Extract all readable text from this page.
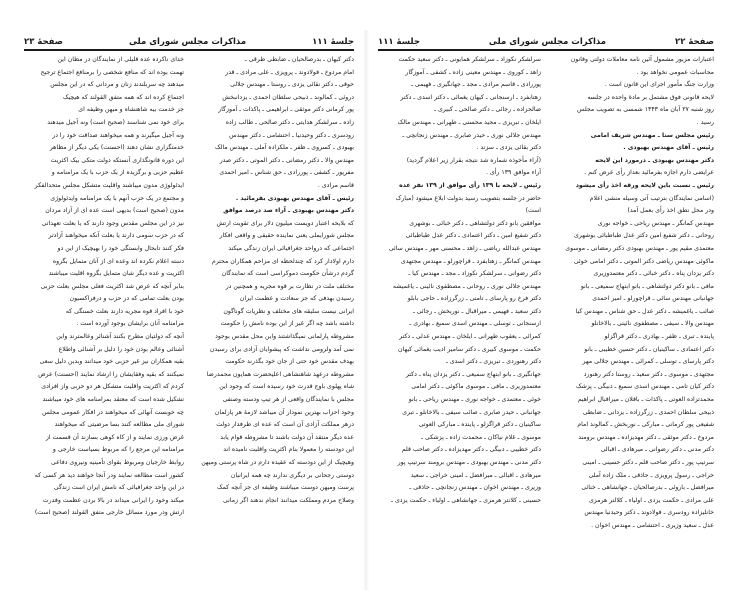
جلسهٔ ۱۱۱
مذاکرات مجلس شورای ملی
صفحهٔ ۲۳
دکتر کیهان ـ بدرصالحیان ـ ضابطی طرقی ـ
امام مردوخ ـ فولادوند ـ پرویزی ـ علی مرادی ـ قدر
حوقی ـ دکتر نقائی یزدی ـ روستا ـ مهندس جلالی
دروئی ـ کمالوند ـ ذبیحی سلطان احمدی ـ یزدانبخش
پور کرمانی دکتر موثقی ـ ابراهیمی ـ پاکذات ـ آموزگار
زاده ـ سرلشکر هدایتی ـ دکتر صالحی ـ طالب زاده
رودسری ـ دکتر وحیدنیا ـ احتشامی ـ دکتر مهندس
بهبودی ـ کسروی ـ ظفر ـ ملکزاده آملی ـ مهندس مالک
مهندس والا ـ دکتر رمضانی ـ دکتر الموتی ـ دکتر صدر
مفرپور ـ کشفی ـ پوررادی ـ حق شناس ـ امیر احمدی
قاسم مرادی .
رئیس ـ آقای مهندس بهبودی بفرمائید .
دکتر مهندس بهبودی ـ آراء صد درصد موافق
که بلایحه اعتبار دویست میلیون دلار برای تقویت ارتش
مجلس شورایملی یعنی نماینده حقیقی و واقعی افکار
اجتماعی که درواحد جغرافیائی ایران زندگی میکند
دارم اولادار کرد که چندلحظه ای مزاحم همکاران محترم
گردم درشأن حکومت دموکراسی است که نمایندگان
مختلف ملت در نظارت بر قوه مجریه و همچنین در
رسیدن بهدفی که جز سعادت و عظمت ایران
ایرانی نیست سلیقه های مختلف و نظریات گوناگون
داشته باشد چه اگر غیر از این بوده نامش را حکومت
مشروطه پارلمانی نمیگذاشتند واین محل مقدس بوجود
نمی آمد ولزومی نداشت که پیشوایان آزادی برای رسیدن
بهدف مقدس خود حتی از جان خود بگذرند حکومت
مشروطه درعهد شاهنشاهی اعلیحضرت همایون محمدرضا
شاه پهلوی باوج قدرت خود رسیده است که وجود این
مجلس با نمایندگان واقعی از هر تیپ ودسته وصنفی
وجود احزاب بهترین نمودار آن میباشد لازمهٔ هر پارلمان
درهر مملکت آزادی آن است که عده ای طرفدار دولت
عده دیگر منتقد آن دولت باشند تا مشروطه قوام یابد
این دودسته را معمولا بنام اکثریت واقلیت نامیده اند
وهیچیک از این دودسته که عقیده دارم در شاه پرستی ومیهن
دوستی رجحانی بر دیگری ندارند چه همه ایرانیان
پرست ومیهن دوست میباشند وظیفه ای جز آنچه کمک
وصلاح مردم ومملکت میدانند انجام ندهند اگر زمانی
خدای ناکرده عده قلیلی از نمایندگان در مظان این
تهمت بوده اند که منافع شخصی را برمنافع اجتماع ترجیح
میدهند چه سربلندند زنان و مردانی که در این مجلس
اجتماع کرده اند که همه متفق القولند که هیچیک
جز خدمت بیه شاهنشاه و میهن وظیفه ای
برای خود نمی شناسند (صحیح است) ونه آجیل میدهند
ونه آجیل میگیرند و همه میخواهند صداقت خود را در
خدمتگزاری نشان دهند (احسنت) یکی دیگر از مظاهر
این دوره قانونگذاری آنستکه دولت متکی بیک اکثریت
عظیم حزبی و برگزیده از یک حزب با یک مرامنامه و
ایدئولوژی مدون میباشند واقلیت متشکل مجلس متحدالفکر
و مجتمع در یک حزب آنهم با یک مرامنامه وایدئولوژی
مدون (صحیح است) بدیهی است عده ای از آزاد مردان
نیز در این مجلس مقدس وجود دارند که یا بعلت تعهداتی
که در حزب سومی دارند یا بعلت آنکه میخواهند آزادتر
فکر کنند تابحال وابستگی خود را بهیچیک از این دو
دسته اعلام نکرده اند وعده ای از آنان متمایل بگروه
اکثریت و عده دیگر شان متمایل بگروه اقلیت میباشند
بنابر آنچه که عرض شد اکثریت فعلی مجلس بعلت حزبی
بودن بعلت تمامی که در حزب و درفراکسیون
خود با افراد قوه مجریه دارند بعلت خستگی که
مرامنامه آنان برایشان بوجود آورده است .
آنچه که دولتیان مطرح بکنند آشنائر وعالمترند واین
آشنائی وعالم بودن خود را دلیل بر آشنائی واطلاع
بقیه همکاران نیز غیر حزبی خود میدانند وبدین دلیل سعی
نمیکنند که بقیه وفقایشان را ارشاد نمایند (احسنت) عرض
کردم که اکثریت واقلیت متشکل هر دو حزبی واز افرادی
تشکیل شده است که معتقد بمرامنامه های خود میباشند
چه خوبست آنهائی که میخواهند در افکار عمومی مجلس
شورای ملی مطالعه کنند بسا مرضیتی که میخواهند
غرض ورزی نمایند و از کاه کوهی بسازند آن قسمت از
مرامنامه این مرجع را که مربوط بسیاست خارجی و
روابط خارجیان ومربوط بقوای تأمینیه ونیروی دفاعی
کشور است مطالعه نمایند ودر آنجا خواهند دید هر کسی که
در این واحد جغرافیائی که نامش ایران است زندگی
میکند وخود را ایرانی میداند در بالا بردن عظمت وقدرت
ارتش ودر مورد مسائل خارجی متفق القولند (صحیح است)
صفحهٔ ۲۲
مذاکرات مجلس شورای ملی
جلسهٔ ۱۱۱
اعتبارات مزبور مشمول آئین نامه معاملات دولتی وقانون
محاسبات عمومی نخواهد بود .
وزارت جنگ مأمور اجرای این قانون است .
لایحه قانونی فوق مشتمل بر مادهٔ واحده در جلسه
روز شنبه ۲۷ آبان ماه ۱۳۴۳ شمسی به تصویب مجلس
رسید .
رئیس مجلس سنا ـ مهندس شریف امامی
رئیس ـ آقای مهندس بهبودی .
دکتر مهندس بهبودی ـ درمورد این لایحه
عرایضی دارم اجازه بفرمائید بعداز رأی عرض کنم .
رئیس ـ نسبت باین لایحه ورقه اخذ رأی میشود
(اسامی نمایندگان بترتیب آتی وسیله منشی اعلام
ودر محل نطق اخذ رأی بعمل آمد)
مهندس کمانگر ـ مهندس ریاحی ـ خواجه نوری
روحانی ـ دکتر شفیع امین دکتر عدل طباطبائی بوشهری
معتمدی مقیم پور ـ مهندس بهبودی دکتر رمضانی ـ موسوی
ماکوئی مهندس ریاضی دکتر الموتی ـ دکتر امامی خوئی
دکتر یزدان پناه ـ دکتر خبائی ـ دکتر معتمدوزیری
مافی ـ بانو دکتر دولتشاهی ـ بانو ابتهاج سمیعی ـ بانو
جهانبانی مهندس سائی ـ قراچورلو ـ امیر احمدی
صائب ـ یاغمیشه ـ دکتر عدل ـ حق شناس ـ مهندس کیا
مهندس والا ـ سیفی ـ مصطفوی نائینی ـ بالاخانلو
پاینده ـ تبری ـ ظفر ـ بهادری ـ دکتر قراگزلو
دکتر اعتمادی ـ ساکینیان ـ دکتر حسین خطیبی ـ بانو
دکتر پارسای ـ توسلی ـ کمرائی ـ مهندس جلالی مهر
مجتهدی ـ موسوی ـ دکتر سعید ـ روستا دکتر رهنورد
دکتر کیان تامی ـ مهندس اسدی سمیع ـ دبیگی ـ پزشک
محمدتزاده العوتی ـ پاکذات ـ باقلان ـ میراقبال ابراهیم
ذبیحی سلطان احمدی ـ زرگرزاده ـ یزدانی ـ ضابطی
شفیعی پور کرمانی ـ مبارکی ـ نوربخش ـ کمالوند امام
مردوخ ـ دکتر موثقی ـ دکتر مهدیزاده ـ مهندس برومند
دکتر مدنی ـ دکتر رضوانی ـ میرهادی ـ اقبالی
سرتیپ پور ـ دکتر صاحب قلم ـ دکتر حسینی ـ امینی
خراجی ـ رسول پرویزی ـ حاذقی ـ ملک زاده آملی
میرافضل ـ باروئی ـ بدرصالحیان ـ جهانشاهی ـ خنائی
علی مرادی ـ حکمت یزدی ـ اولیاء ـ کلالتر هرمزی
خانلیزاده رودسری ـ فولادوند ـ دکتر وحیدنیا مهندس
عدل ـ سعید وزیری ـ احتشامی ـ مهندس اخوان .
سرلشکر نکوزاد ـ سرلشکر همایونی ـ دکتر سعید حکمت
زاهد ـ کوروی ـ مهندس معینی زاده ـ کشفی ـ آموزگار
پوررادی ـ قاسم مرادی ـ مجد ـ جهانگیری ـ فهیمی ـ
زهتابفرد ـ ارسنجانی ـ کیهان یغمائی ـ دکتر اسدی ـ دکتر
صالحزاده ـ رجائی ـ دکتر صالحی ـ کبیری ـ
ایلخان ـ تبریزی ـ مجید محسنی ـ طهرانی ـ مهندس مالک
مهندس جلالی نوری ـ حیدر صابری ـ مهندس زنجانچی ـ
دکتر بقائی یزدی ـ سزند .
(آراء مأخوذه شماره شد نتیجه بقرار زیر اعلام گردید)
آراء موافق ۱۳۹ رأی .
رئیس ـ لایحه با ۱۳۹ رأی موافق از ۱۳۹ نفر عده
حاضر در جلسه بتصویب رسید بدولت ابلاغ میشود (مبارک
است)
موافقین بانو دکتر دولتشاهی ـ دکتر خبائی ـ بوشهری
دکتر شفیع امین ـ دکتر اعتمادی ـ دکتر عدل طباطبائی
مهندس عبدالله ریاضی ـ زاهد ـ محسنی مهر ـ مهندس سائی
مهندس کمانگر ـ زهتابفرد ـ قراچورلو ـ مهندس مجتهدی
دکتر رضوانی ـ سرلشکر نکوزاد ـ مجد ـ مهندس کیا ـ
مهندس جلالی نوری ـ روحانی ـ مصطفوی نائینی ـ یاغمیشه
دکتر فرخ رو پارسای ـ تامنی ـ زرگرزاده ـ حاجی بابلو
دکتر سعید ـ فهیمی ـ میراقبال ـ نوربخش ـ رجائی ـ
ارسنجانی ـ توسلی ـ مهندس اسدی سمیع ـ بهادری ـ
کمرائی ـ یعقوب طهرانی ـ ایلخان ـ مهندس عدلی ـ دکتر
حکمت ـ موسوی کبیری ـ دکتر سامیر ادیب یغمائی کیهان
دکتر رهنوردی ـ تبریزی ـ دکتر اسدی ـ
جهانگیری ـ بانو ابتهاج سمیعی ـ دکتر یزدان پناه ـ دکتر
معتمدوزیری ـ مافی ـ موسوی ماکوئی ـ دکتر امامی
خوئی ـ معتمدی ـ خواجه نوری ـ مهندس ریاحی ـ بانو
جهانبانی ـ حیدر صابری ـ صائب سیفی ـ بالاخانلو ـ تبری
ساکینیان ـ دکتر قراگزلو ـ پاینده ـ مبارکی العوتی
موسوی ـ غلام نیاکان ـ محمدت زاده ـ پزشکی ـ
دکتر خطیبی ـ دبیگی ـ دکتر مهدیزاده ـ دکتر صاحب قلم
دکتر مدنی ـ مهندس بهبودی ـ مهندس برومند سرتیپ پور
میرهادی ـ اقبالی ـ میرافضل ـ امینی خراجی ـ سعید
وزیری ـ مهندس اخوان ـ مهندس زنجانچی ـ حاذقی ـ
حسینی ـ کلانتر هرمزی ـ جهانشاهی ـ اولیاء ـ حکمت یزدی ـ
